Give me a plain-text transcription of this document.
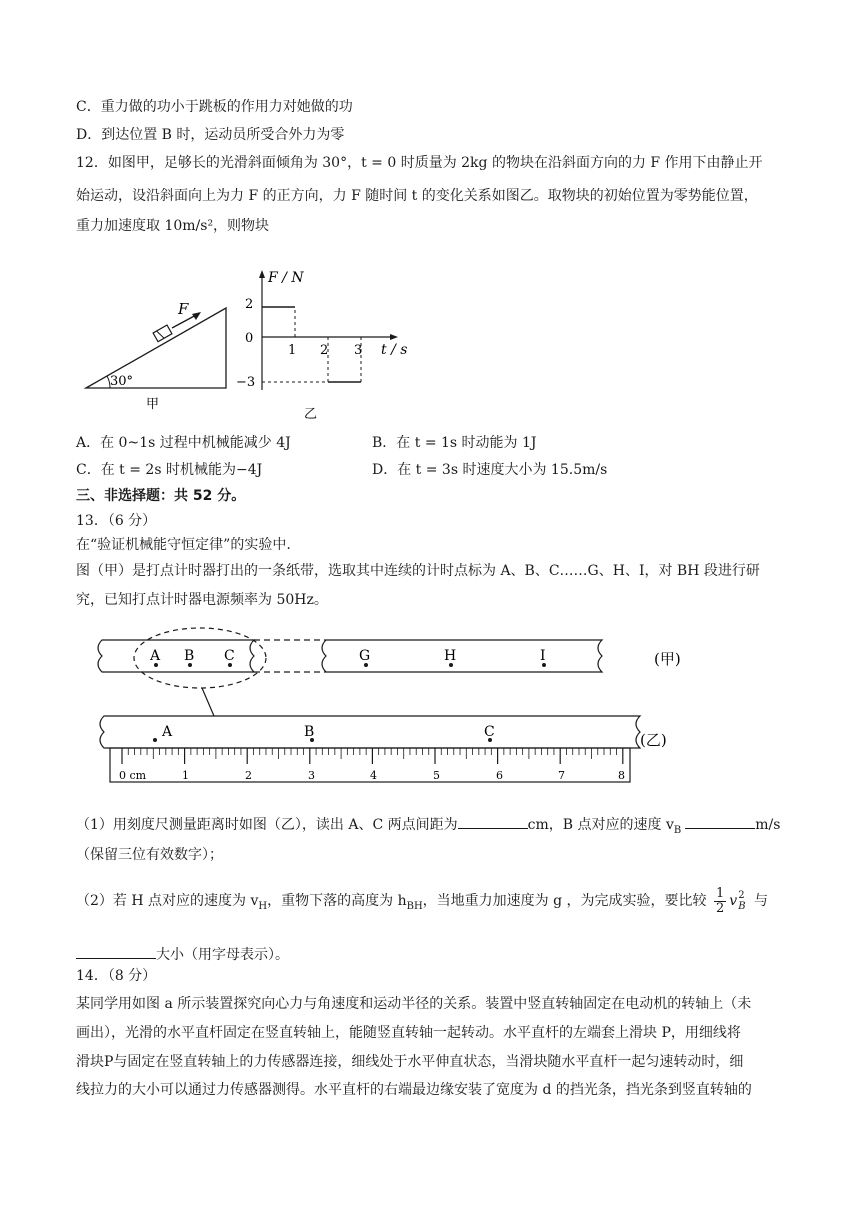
C．重力做的功小于跳板的作用力对她做的功
D．到达位置 B 时，运动员所受合外力为零
12．如图甲，足够长的光滑斜面倾角为 30°，t = 0 时质量为 2kg 的物块在沿斜面方向的力 F 作用下由静止开
始运动，设沿斜面向上为力 F 的正方向，力 F 随时间 t 的变化关系如图乙。取物块的初始位置为零势能位置，
重力加速度取 10m/s²，则物块
30°
F
甲
F / N
t / s
2
0
−3
1 2 3
乙
A．在 0~1s 过程中机械能减少 4J	B．在 t = 1s 时动能为 1J
C．在 t = 2s 时机械能为−4J	D．在 t = 3s 时速度大小为 15.5m/s
三、非选择题：共 52 分。
13．（6 分）
在“验证机械能守恒定律”的实验中.
图（甲）是打点计时器打出的一条纸带，选取其中连续的计时点标为 A、B、C……G、H、I，对 BH 段进行研
究，已知打点计时器电源频率为 50Hz。
A B C	G	H	I	(甲)
A	B	C	(乙)
0 cm	1	2	3	4	5	6	7	8
（1）用刻度尺测量距离时如图（乙），读出 A、C 两点间距为	cm，B 点对应的速度 $v_B$	m/s
（保留三位有效数字）；
（2）若 H 点对应的速度为 $v_H$，重物下落的高度为 $h_{BH}$，当地重力加速度为 g ，为完成实验，要比较 $\frac{1}{2}$ v 2
B 与
大小（用字母表示）。
14．（8 分）
某同学用如图 a 所示装置探究向心力与角速度和运动半径的关系。装置中竖直转轴固定在电动机的转轴上（未
画出），光滑的水平直杆固定在竖直转轴上，能随竖直转轴一起转动。水平直杆的左端套上滑块 P，用细线将
滑块P与固定在竖直转轴上的力传感器连接，细线处于水平伸直状态，当滑块随水平直杆一起匀速转动时，细
线拉力的大小可以通过力传感器测得。水平直杆的右端最边缘安装了宽度为 d 的挡光条，挡光条到竖直转轴的
